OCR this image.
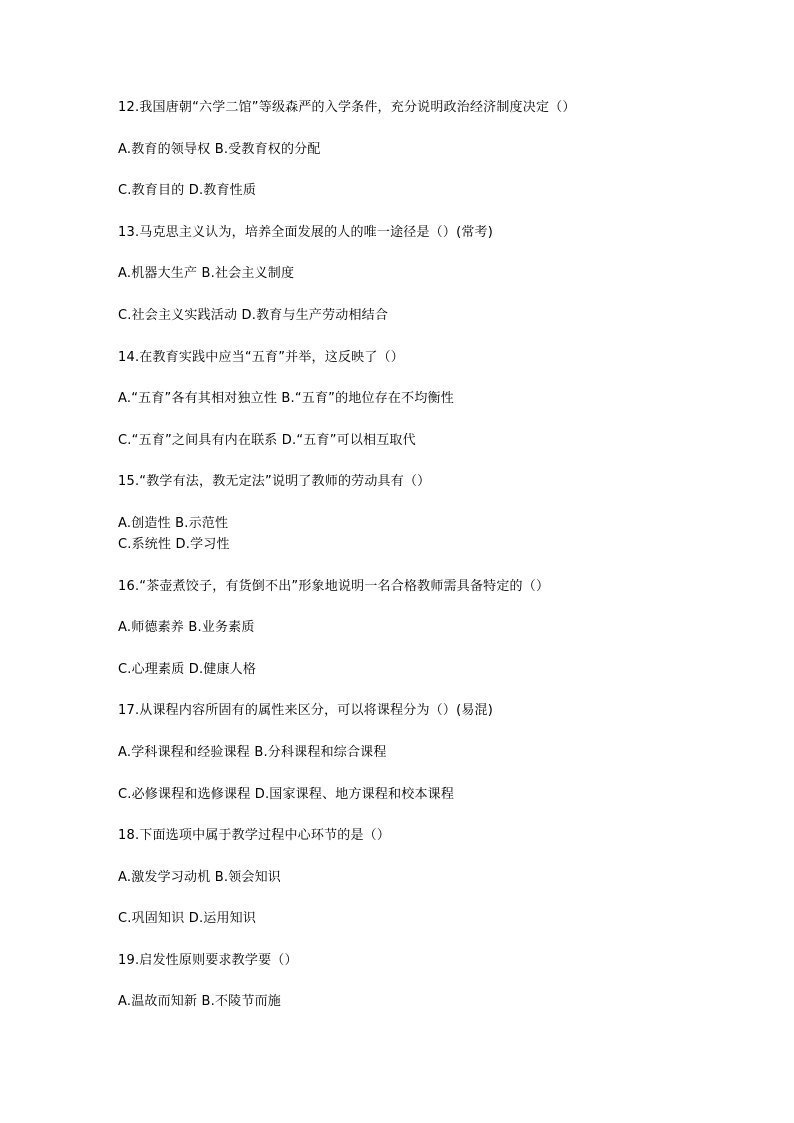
12.我国唐朝“六学二馆”等级森严的入学条件，充分说明政治经济制度决定（）
A.教育的领导权 B.受教育权的分配
C.教育目的 D.教育性质
13.马克思主义认为，培养全面发展的人的唯一途径是（）(常考)
A.机器大生产 B.社会主义制度
C.社会主义实践活动 D.教育与生产劳动相结合
14.在教育实践中应当“五育”并举，这反映了（）
A.“五育”各有其相对独立性 B.“五育”的地位存在不均衡性
C.“五育”之间具有内在联系 D.“五育”可以相互取代
15.“教学有法，教无定法”说明了教师的劳动具有（）
A.创造性 B.示范性
C.系统性 D.学习性
16.“茶壶煮饺子，有货倒不出”形象地说明一名合格教师需具备特定的（）
A.师德素养 B.业务素质
C.心理素质 D.健康人格
17.从课程内容所固有的属性来区分，可以将课程分为（）(易混)
A.学科课程和经验课程 B.分科课程和综合课程
C.必修课程和选修课程 D.国家课程、地方课程和校本课程
18.下面选项中属于教学过程中心环节的是（）
A.激发学习动机 B.领会知识
C.巩固知识 D.运用知识
19.启发性原则要求教学要（）
A.温故而知新 B.不陵节而施
